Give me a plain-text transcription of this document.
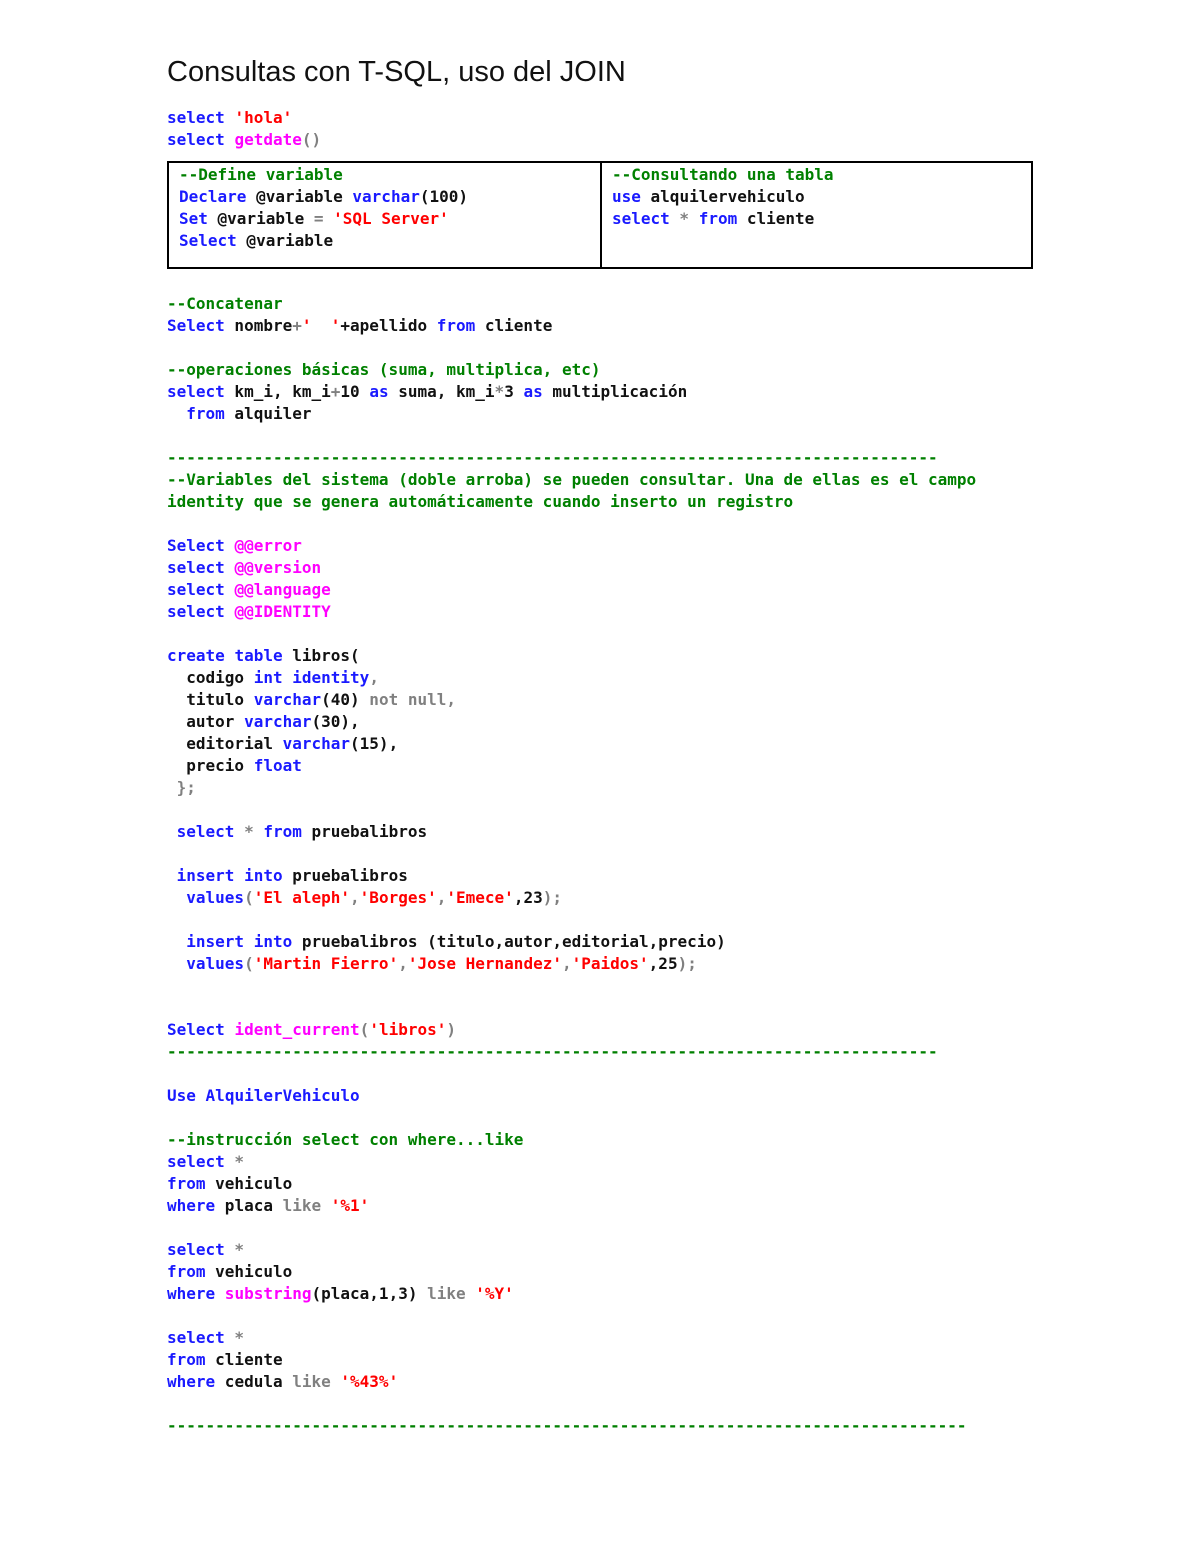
Consultas con T-SQL, uso del JOIN
select 'hola'
select getdate()
--Define variable
Declare @variable varchar(100)
Set @variable = 'SQL Server'
Select @variable
--Consultando una tabla
use alquilervehiculo
select * from cliente
--Concatenar
Select nombre+'  '+apellido from cliente

--operaciones básicas (suma, multiplica, etc)
select km_i, km_i+10 as suma, km_i*3 as multiplicación
from alquiler

--------------------------------------------------------------------------------
--Variables del sistema (doble arroba) se pueden consultar. Una de ellas es el campo
identity que se genera automáticamente cuando inserto un registro

Select @@error
select @@version
select @@language
select @@IDENTITY

create table libros(
codigo int identity,
titulo varchar(40) not null,
autor varchar(30),
editorial varchar(15),
precio float
};

select * from pruebalibros

insert into pruebalibros
values('El aleph','Borges','Emece',23);

insert into pruebalibros (titulo,autor,editorial,precio)
values('Martin Fierro','Jose Hernandez','Paidos',25);

Select ident_current('libros')
--------------------------------------------------------------------------------

Use AlquilerVehiculo

--instrucción select con where...like
select *
from vehiculo
where placa like '%1'

select *
from vehiculo
where substring(placa,1,3) like '%Y'

select *
from cliente
where cedula like '%43%'

-----------------------------------------------------------------------------------
